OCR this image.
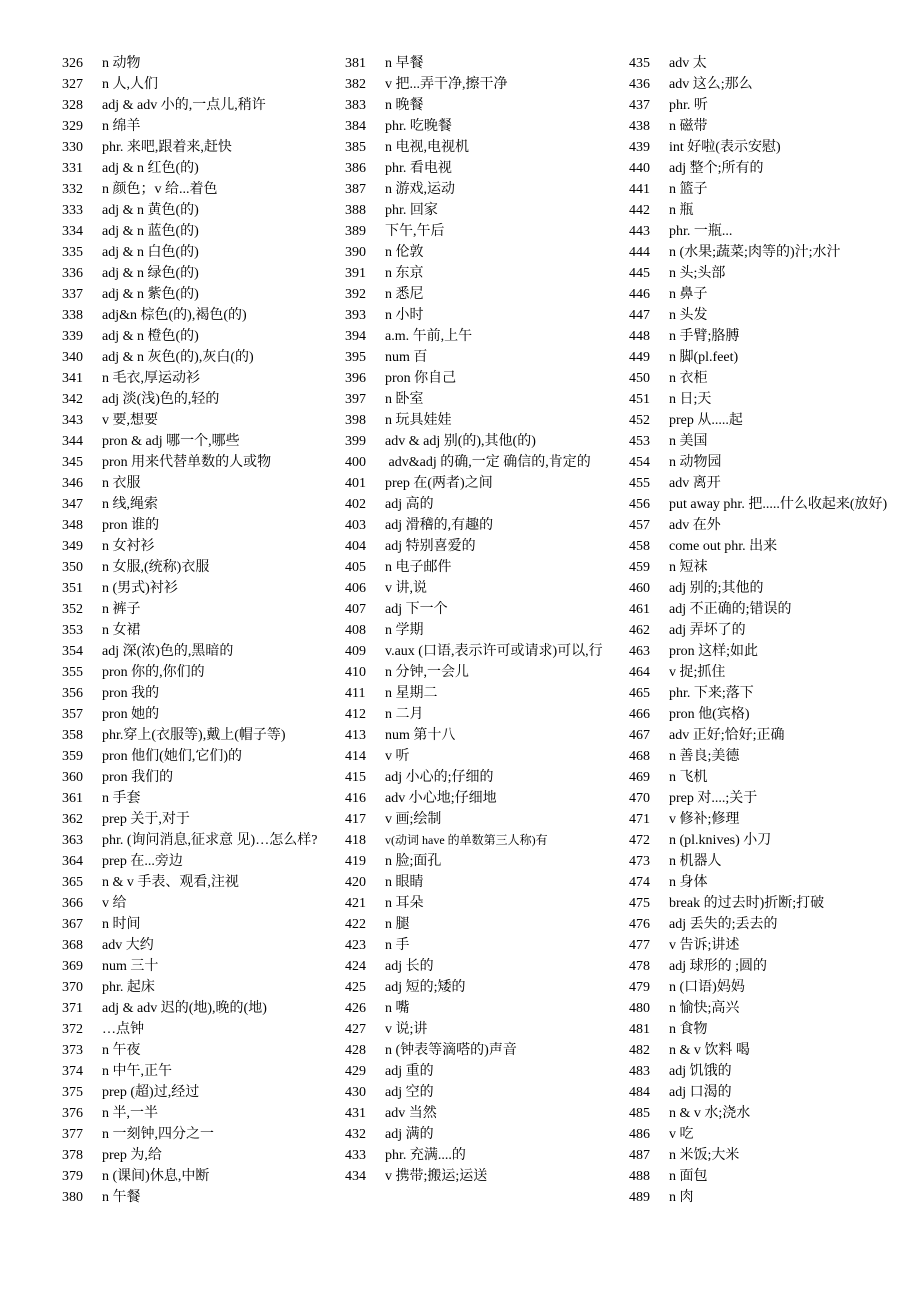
326	n 动物
327	n 人,人们
328	adj & adv 小的,一点儿,稍许
329	n 绵羊
330	phr. 来吧,跟着来,赶快
331	adj & n 红色(的)
332	n 颜色；v 给...着色
333	adj & n 黄色(的)
334	adj & n 蓝色(的)
335	adj & n 白色(的)
336	adj & n 绿色(的)
337	adj & n 紫色(的)
338	adj&n 棕色(的),褐色(的)
339	adj & n 橙色(的)
340	adj & n 灰色(的),灰白(的)
341	n 毛衣,厚运动衫
342	adj 淡(浅)色的,轻的
343	v 要,想要
344	pron & adj 哪一个,哪些
345	pron 用来代替单数的人或物
346	n 衣服
347	n 线,绳索
348	pron 谁的
349	n 女衬衫
350	n 女服,(统称)衣服
351	n (男式)衬衫
352	n 裤子
353	n 女裙
354	adj 深(浓)色的,黑暗的
355	pron 你的,你们的
356	pron 我的
357	pron 她的
358	phr.穿上(衣服等),戴上(帽子等)
359	pron 他们(她们,它们)的
360	pron 我们的
361	n 手套
362	prep 关于,对于
363	phr. (询问消息,征求意 见)…怎么样?
364	prep 在...旁边
365	n & v 手表、观看,注视
366	v 给
367	n 时间
368	adv 大约
369	num 三十
370	phr. 起床
371	adj & adv 迟的(地),晚的(地)
372	…点钟
373	n 午夜
374	n 中午,正午
375	prep (超)过,经过
376	n 半,一半
377	n 一刻钟,四分之一
378	prep 为,给
379	n (课间)休息,中断
380	n 午餐
381	n 早餐
382	v 把...弄干净,擦干净
383	n 晚餐
384	phr. 吃晚餐
385	n 电视,电视机
386	phr. 看电视
387	n 游戏,运动
388	phr. 回家
389	下午,午后
390	n 伦敦
391	n 东京
392	n 悉尼
393	n 小时
394	a.m. 午前,上午
395	num 百
396	pron 你自己
397	n 卧室
398	n 玩具娃娃
399	adv & adj 别(的),其他(的)
400 adv&adj 的确,一定 确信的,肯定的
401	prep 在(两者)之间
402	adj 高的
403	adj 滑稽的,有趣的
404	adj 特别喜爱的
405	n 电子邮件
406	v 讲,说
407	adj 下一个
408	n 学期
409 v.aux (口语,表示许可或请求)可以,行
410	n 分钟,一会儿
411	n 星期二
412	n 二月
413	num 第十八
414	v 听
415	adj 小心的;仔细的
416	adv 小心地;仔细地
417	v 画;绘制
418	v(动词 have 的单数第三人称)有
419	n 脸;面孔
420	n 眼睛
421	n 耳朵
422	n 腿
423	n 手
424	adj 长的
425	adj 短的;矮的
426	n 嘴
427	v 说;讲
428	n (钟表等滴嗒的)声音
429	adj 重的
430	adj 空的
431	adv 当然
432	adj 满的
433	phr. 充满....的
434	v 携带;搬运;运送
435	adv 太
436	adv 这么;那么
437	phr. 听
438	n 磁带
439	int 好啦(表示安慰)
440	adj 整个;所有的
441	n 篮子
442	n 瓶
443	phr. 一瓶...
444	n (水果;蔬菜;肉等的)汁;水汁
445	n 头;头部
446	n 鼻子
447	n 头发
448	n 手臂;胳膊
449	n 脚(pl.feet)
450	n 衣柜
451	n 日;天
452	prep 从.....起
453	n 美国
454	n 动物园
455	adv 离开
456 put away phr. 把.....什么收起来(放好)
457	adv 在外
458	come out phr. 出来
459	n 短袜
460	adj 别的;其他的
461	adj 不正确的;错误的
462	adj 弄坏了的
463	pron 这样;如此
464	v 捉;抓住
465	phr. 下来;落下
466	pron 他(宾格)
467	adv 正好;恰好;正确
468	n 善良;美德
469	n 飞机
470	prep 对....;关于
471	v 修补;修理
472	n (pl.knives) 小刀
473	n 机器人
474	n 身体
475	break 的过去时)折断;打破
476	adj 丢失的;丢去的
477	v 告诉;讲述
478	adj 球形的 ;圆的
479	n (口语)妈妈
480	n 愉快;高兴
481	n 食物
482	n & v 饮料 喝
483	adj 饥饿的
484	adj 口渴的
485	n & v 水;浇水
486	v 吃
487	n 米饭;大米
488	n 面包
489	n 肉
